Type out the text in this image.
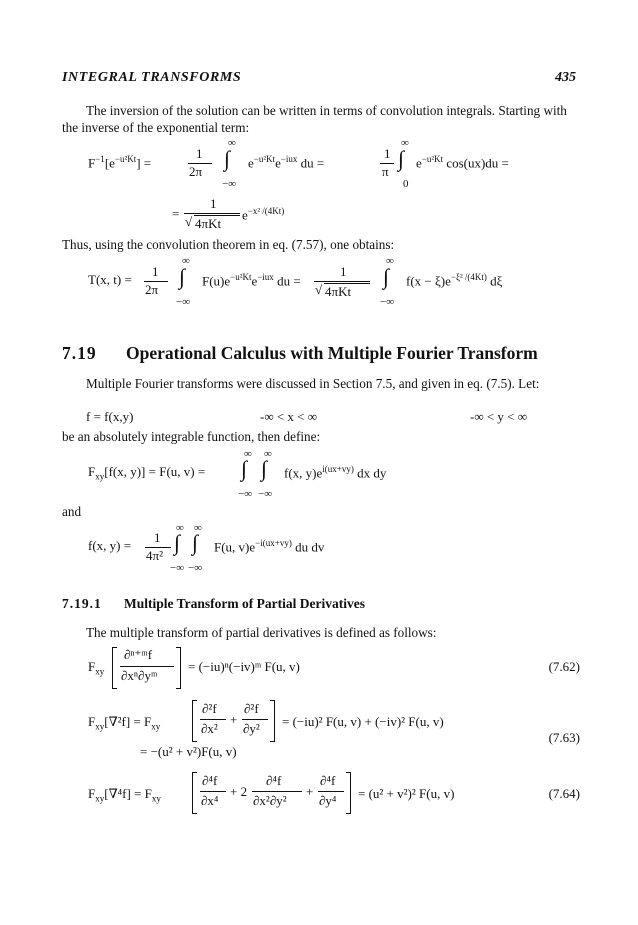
INTEGRAL TRANSFORMS	435
The inversion of the solution can be written in terms of convolution integrals. Starting with the inverse of the exponential term:
$F^{-1}[e^{-u^2Kt}]$ =
1
2π
∞
∫
−∞
$e^{-u^2Kt}e^{-iux}$ du =
1
π
∞
∫
0
$e^{-u^2Kt}$ cos(ux)du =
=
1
√ 4πKt
$e^{-x^2 /(4Kt)}$
Thus, using the convolution theorem in eq. (7.57), one obtains:
T(x, t) =
1
2π
∞
∫
−∞
$F(u)e^{-u^2Kt}e^{-iux}$ du =
1
√ 4πKt
∞
∫
−∞
$f(x - \xi)e^{-\xi^2 /(4Kt)}$ dξ
7.19 Operational Calculus with Multiple Fourier Transform
Multiple Fourier transforms were discussed in Section 7.5, and given in eq. (7.5). Let:
f = f(x,y)	-∞ < x < ∞	-∞ < y < ∞
be an absolutely integrable function, then define:
$F_{xy}[f(x$, y)] = F(u, v) =
∞ ∞
∫ ∫
−∞ −∞
f(x, $y)e^{i(ux+vy)}$ dx dy
and
f(x, y) =
1
4π²
∞ ∞
∫ ∫
−∞ −∞
F(u, $v)e^{-i(ux+vy)}$ du dv
7.19.1 Multiple Transform of Partial Derivatives
The multiple transform of partial derivatives is defined as follows:
$F_{xy}$
∂ⁿ⁺ᵐf
∂xⁿ∂yᵐ
= (−iu)ⁿ(−iv)ᵐ F(u, v)	(7.62)
$F_{xy}[\nabla^2f] = F_{xy}$
∂²f
∂x²
+
∂²f
∂y² = (−iu)² F(u, v) + (−iv)² F(u, v)
= −(u² + v²)F(u, v)
(7.63)
$F_{xy}[\nabla^4f] = F_{xy}$
∂⁴f
∂x⁴
+ 2
∂⁴f
∂x²∂y²
+
∂⁴f
∂y⁴ = (u² + v²)² F(u, v)	(7.64)
